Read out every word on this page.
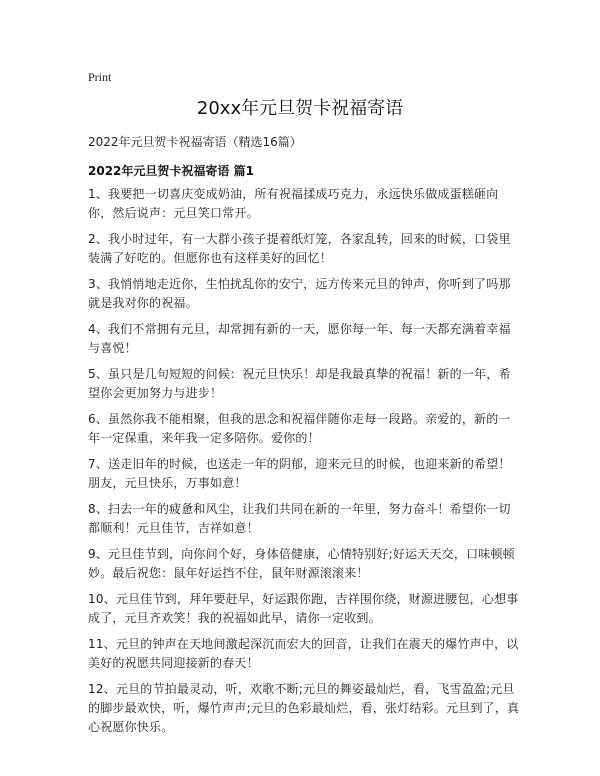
Print
20xx年元旦贺卡祝福寄语
2022年元旦贺卡祝福寄语（精选16篇）
2022年元旦贺卡祝福寄语 篇1

1、我要把一切喜庆变成奶油，所有祝福揉成巧克力，永远快乐做成蛋糕砸向你，然后说声：元旦笑口常开。

2、我小时过年，有一大群小孩子提着纸灯笼，各家乱转，回来的时候，口袋里装满了好吃的。但愿你也有这样美好的回忆！

3、我悄悄地走近你，生怕扰乱你的安宁，远方传来元旦的钟声，你听到了吗那就是我对你的祝福。

4、我们不常拥有元旦，却常拥有新的一天，愿你每一年、每一天都充满着幸福与喜悦！

5、虽只是几句短短的问候：祝元旦快乐！却是我最真挚的祝福！新的一年，希望你会更加努力与进步！

6、虽然你我不能相聚，但我的思念和祝福伴随你走每一段路。亲爱的，新的一年一定保重，来年我一定多陪你。爱你的！

7、送走旧年的时候，也送走一年的阴郁，迎来元旦的时候，也迎来新的希望！朋友，元旦快乐，万事如意！

8、扫去一年的疲惫和风尘，让我们共同在新的一年里，努力奋斗！希望你一切都顺利！元旦佳节，吉祥如意！

9、元旦佳节到，向你问个好，身体倍健康，心情特别好;好运天天交，口味顿顿妙。最后祝您：鼠年好运挡不住，鼠年财源滚滚来！

10、元旦佳节到，拜年要赶早，好运跟你跑，吉祥围你绕，财源进腰包，心想事成了，元旦齐欢笑！我的祝福如此早，请你一定收到。

11、元旦的钟声在天地间激起深沉而宏大的回音，让我们在震天的爆竹声中，以美好的祝愿共同迎接新的春天！

12、元旦的节拍最灵动，听，欢歌不断;元旦的舞姿最灿烂，看，飞雪盈盈;元旦的脚步最欢快，听，爆竹声声;元旦的色彩最灿烂，看，张灯结彩。元旦到了，真心祝愿你快乐。
